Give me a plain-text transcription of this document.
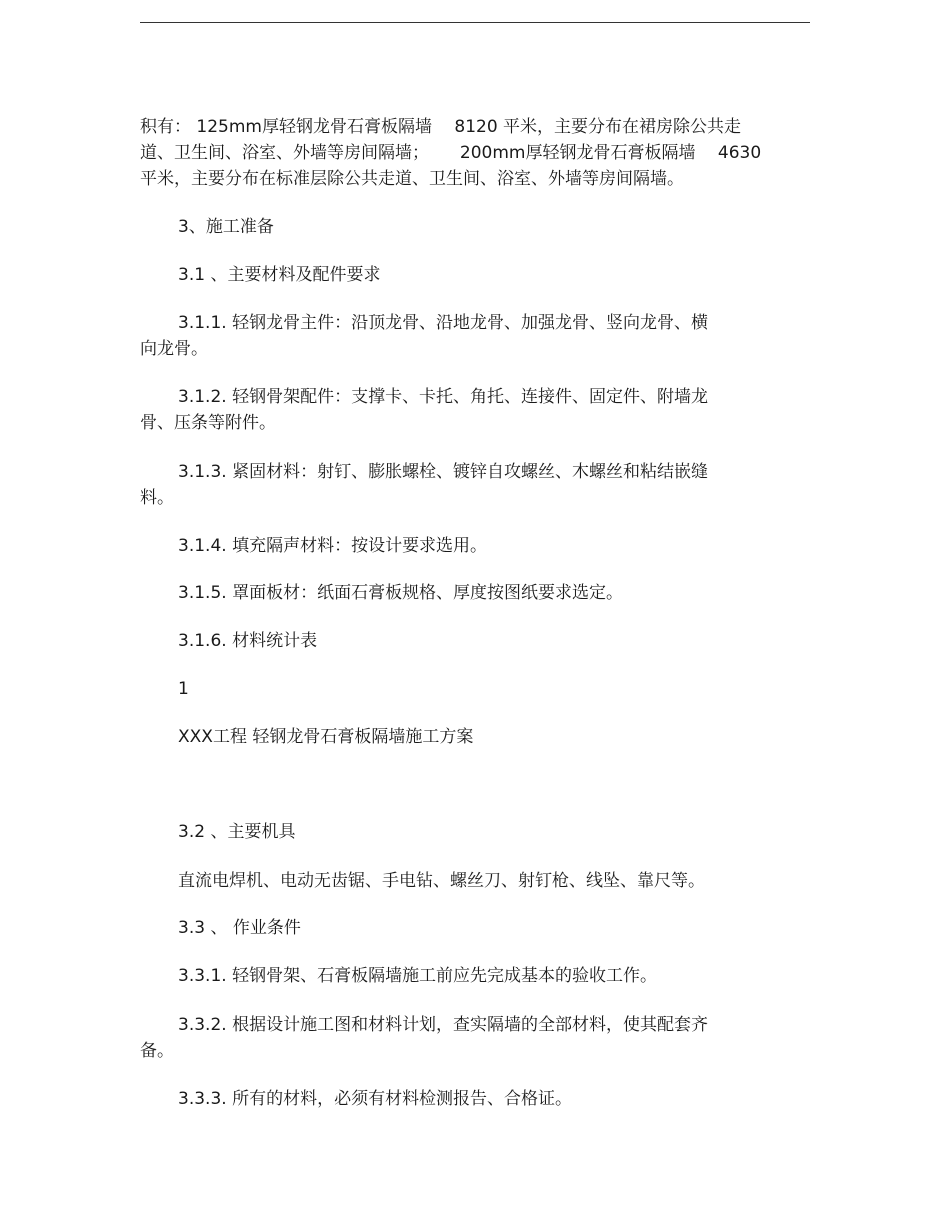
积有： 125mm厚轻钢龙骨石膏板隔墙　 8120 平米，主要分布在裙房除公共走
道、卫生间、浴室、外墙等房间隔墙；　　 200mm厚轻钢龙骨石膏板隔墙　 4630
平米，主要分布在标准层除公共走道、卫生间、浴室、外墙等房间隔墙。
3、施工准备
3.1 、主要材料及配件要求
3.1.1. 轻钢龙骨主件：沿顶龙骨、沿地龙骨、加强龙骨、竖向龙骨、横
向龙骨。
3.1.2. 轻钢骨架配件：支撑卡、卡托、角托、连接件、固定件、附墙龙
骨、压条等附件。
3.1.3. 紧固材料：射钉、膨胀螺栓、镀锌自攻螺丝、木螺丝和粘结嵌缝
料。
3.1.4. 填充隔声材料：按设计要求选用。
3.1.5. 罩面板材：纸面石膏板规格、厚度按图纸要求选定。
3.1.6. 材料统计表
1
XXX工程 轻钢龙骨石膏板隔墙施工方案
3.2 、主要机具
直流电焊机、电动无齿锯、手电钻、螺丝刀、射钉枪、线坠、靠尺等。
3.3 、 作业条件
3.3.1. 轻钢骨架、石膏板隔墙施工前应先完成基本的验收工作。
3.3.2. 根据设计施工图和材料计划，查实隔墙的全部材料，使其配套齐
备。
3.3.3. 所有的材料，必须有材料检测报告、合格证。
